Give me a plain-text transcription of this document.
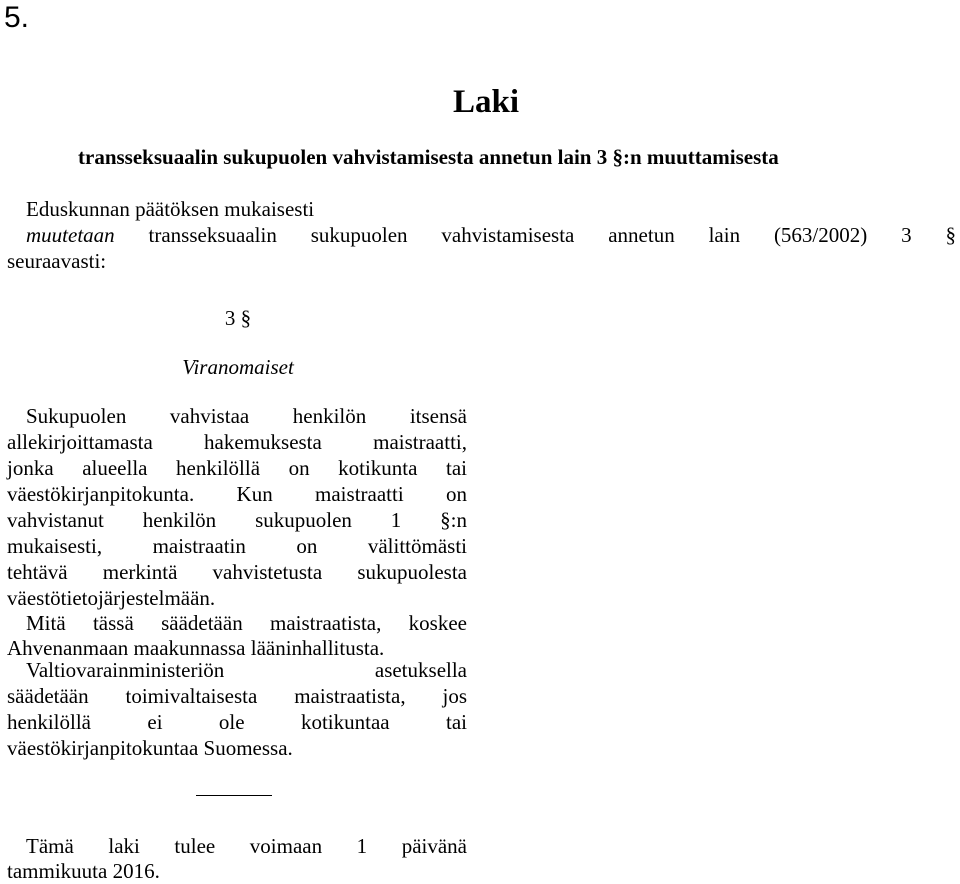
5.
Laki
transseksuaalin sukupuolen vahvistamisesta annetun lain 3 §:n muuttamisesta
Eduskunnan päätöksen mukaisesti
muutetaan transseksuaalin sukupuolen vahvistamisesta annetun lain (563/2002) 3 §
seuraavasti:
3 §
Viranomaiset
Sukupuolen vahvistaa henkilön itsensä
allekirjoittamasta hakemuksesta maistraatti,
jonka alueella henkilöllä on kotikunta tai
väestökirjanpitokunta. Kun maistraatti on
vahvistanut henkilön sukupuolen 1 §:n
mukaisesti, maistraatin on välittömästi
tehtävä merkintä vahvistetusta sukupuolesta
väestötietojärjestelmään.
Mitä tässä säädetään maistraatista, koskee
Ahvenanmaan maakunnassa lääninhallitusta.
Valtiovarainministeriön asetuksella
säädetään toimivaltaisesta maistraatista, jos
henkilöllä ei ole kotikuntaa tai
väestökirjanpitokuntaa Suomessa.
Tämä laki tulee voimaan 1 päivänä
tammikuuta 2016.
